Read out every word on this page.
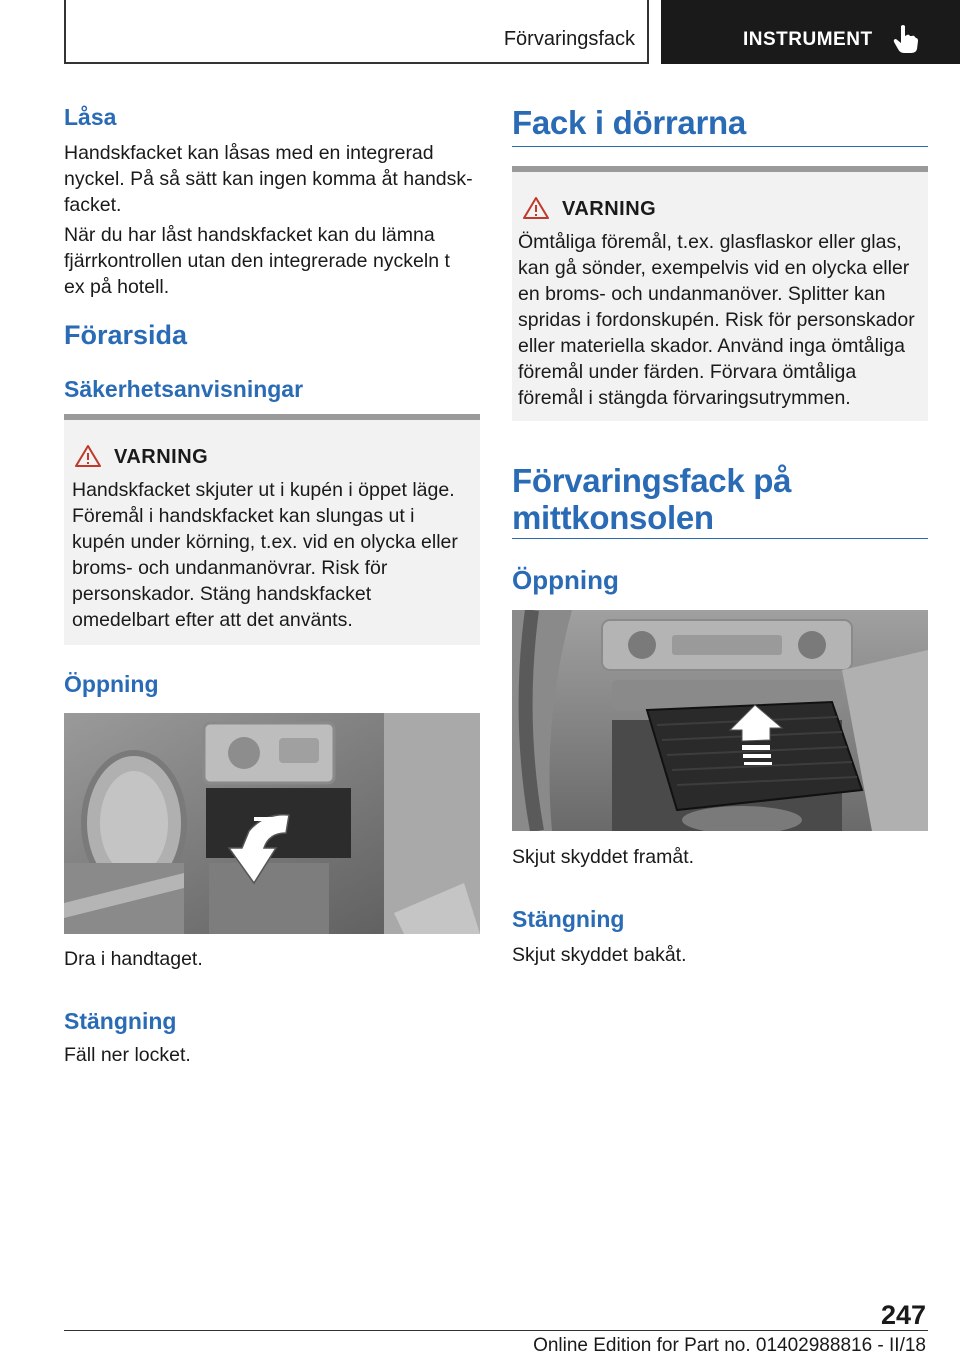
Förvaringsfack	INSTRUMENT
Låsa

Handskfacket kan låsas med en integrerad nyckel. På så sätt kan ingen komma åt handskfacket.

När du har låst handskfacket kan du lämna fjärrkontrollen utan den integrerade nyckeln t ex på hotell.

Förarsida
Säkerhetsanvisningar
VARNING

Handskfacket skjuter ut i kupén i öppet läge. Föremål i handskfacket kan slungas ut i kupén under körning, t.ex. vid en olycka eller broms- och undanmanövrar. Risk för personskador. Stäng handskfacket omedelbart efter att det använts.

Öppning

Dra i handtaget.

Stängning

Fäll ner locket.

Fack i dörrarna
VARNING

Ömtåliga föremål, t.ex. glasflaskor eller glas, kan gå sönder, exempelvis vid en olycka eller en broms- och undanmanöver. Splitter kan spridas i fordonskupén. Risk för personskador eller materiella skador. Använd inga ömtåliga föremål under färden. Förvara ömtåliga föremål i stängda förvaringsutrymmen.

Förvaringsfack på mittkonsolen
Öppning

Skjut skyddet framåt.

Stängning

Skjut skyddet bakåt.

247
Online Edition for Part no. 01402988816 - II/18
